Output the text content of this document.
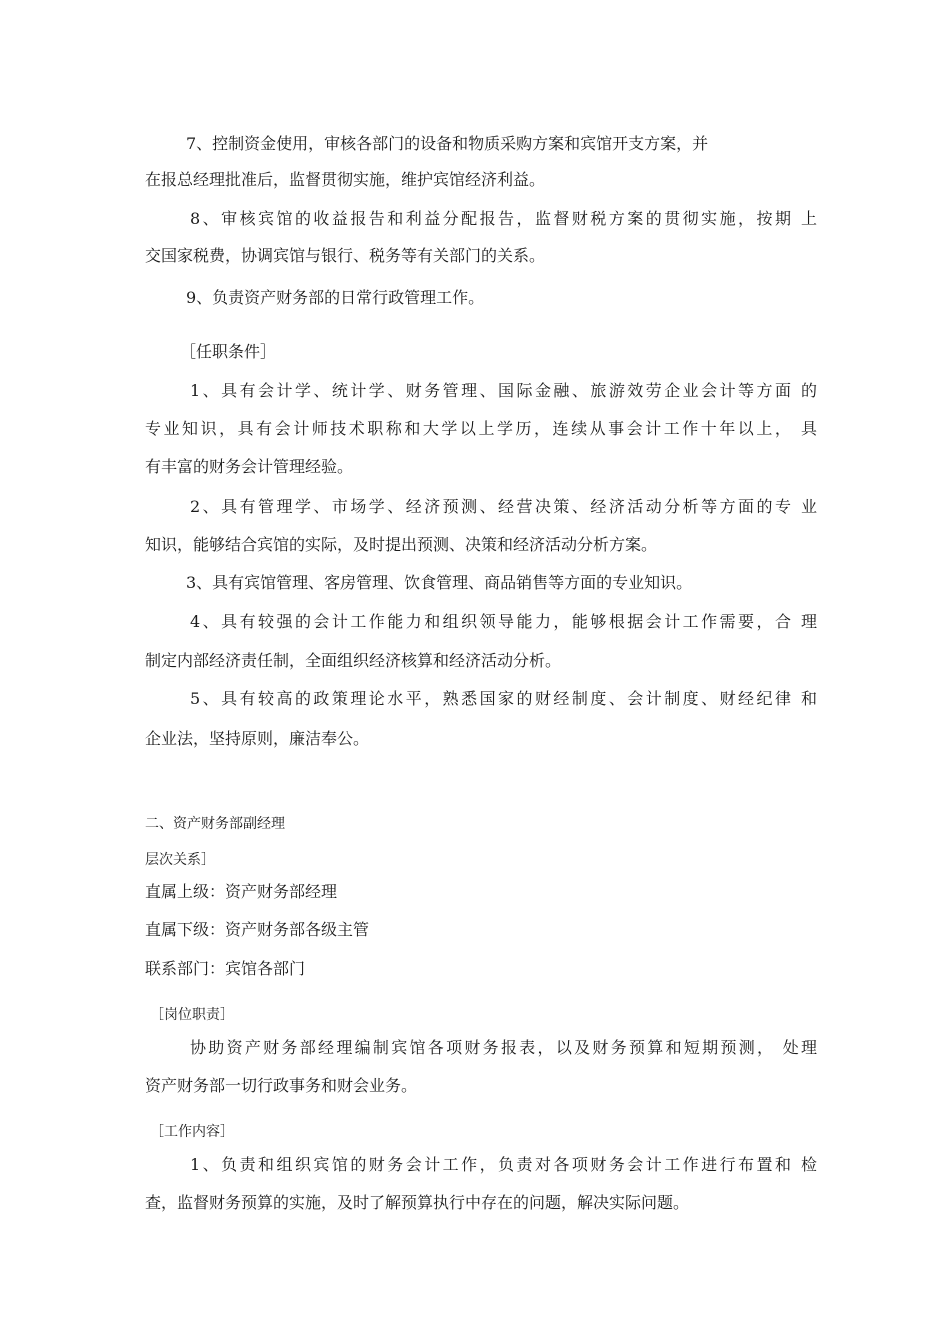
7、控制资金使用，审核各部门的设备和物质采购方案和宾馆开支方案，并
在报总经理批准后，监督贯彻实施，维护宾馆经济利益。
8、审核宾馆的收益报告和利益分配报告，监督财税方案的贯彻实施，按期 上
交国家税费，协调宾馆与银行、税务等有关部门的关系。
9、负责资产财务部的日常行政管理工作。
［任职条件］
1、具有会计学、统计学、财务管理、国际金融、旅游效劳企业会计等方面 的
专业知识，具有会计师技术职称和大学以上学历，连续从事会计工作十年以上， 具
有丰富的财务会计管理经验。
2、具有管理学、市场学、经济预测、经营决策、经济活动分析等方面的专 业
知识，能够结合宾馆的实际，及时提出预测、决策和经济活动分析方案。
3、具有宾馆管理、客房管理、饮食管理、商品销售等方面的专业知识。
4、具有较强的会计工作能力和组织领导能力，能够根据会计工作需要，合 理
制定内部经济责任制，全面组织经济核算和经济活动分析。
5、具有较高的政策理论水平，熟悉国家的财经制度、会计制度、财经纪律 和
企业法，坚持原则，廉洁奉公。
二、资产财务部副经理
层次关系］
直属上级：资产财务部经理
直属下级：资产财务部各级主管
联系部门：宾馆各部门
［岗位职责］
协助资产财务部经理编制宾馆各项财务报表，以及财务预算和短期预测， 处理
资产财务部一切行政事务和财会业务。
［工作内容］
1、负责和组织宾馆的财务会计工作，负责对各项财务会计工作进行布置和 检
查，监督财务预算的实施，及时了解预算执行中存在的问题，解决实际问题。
